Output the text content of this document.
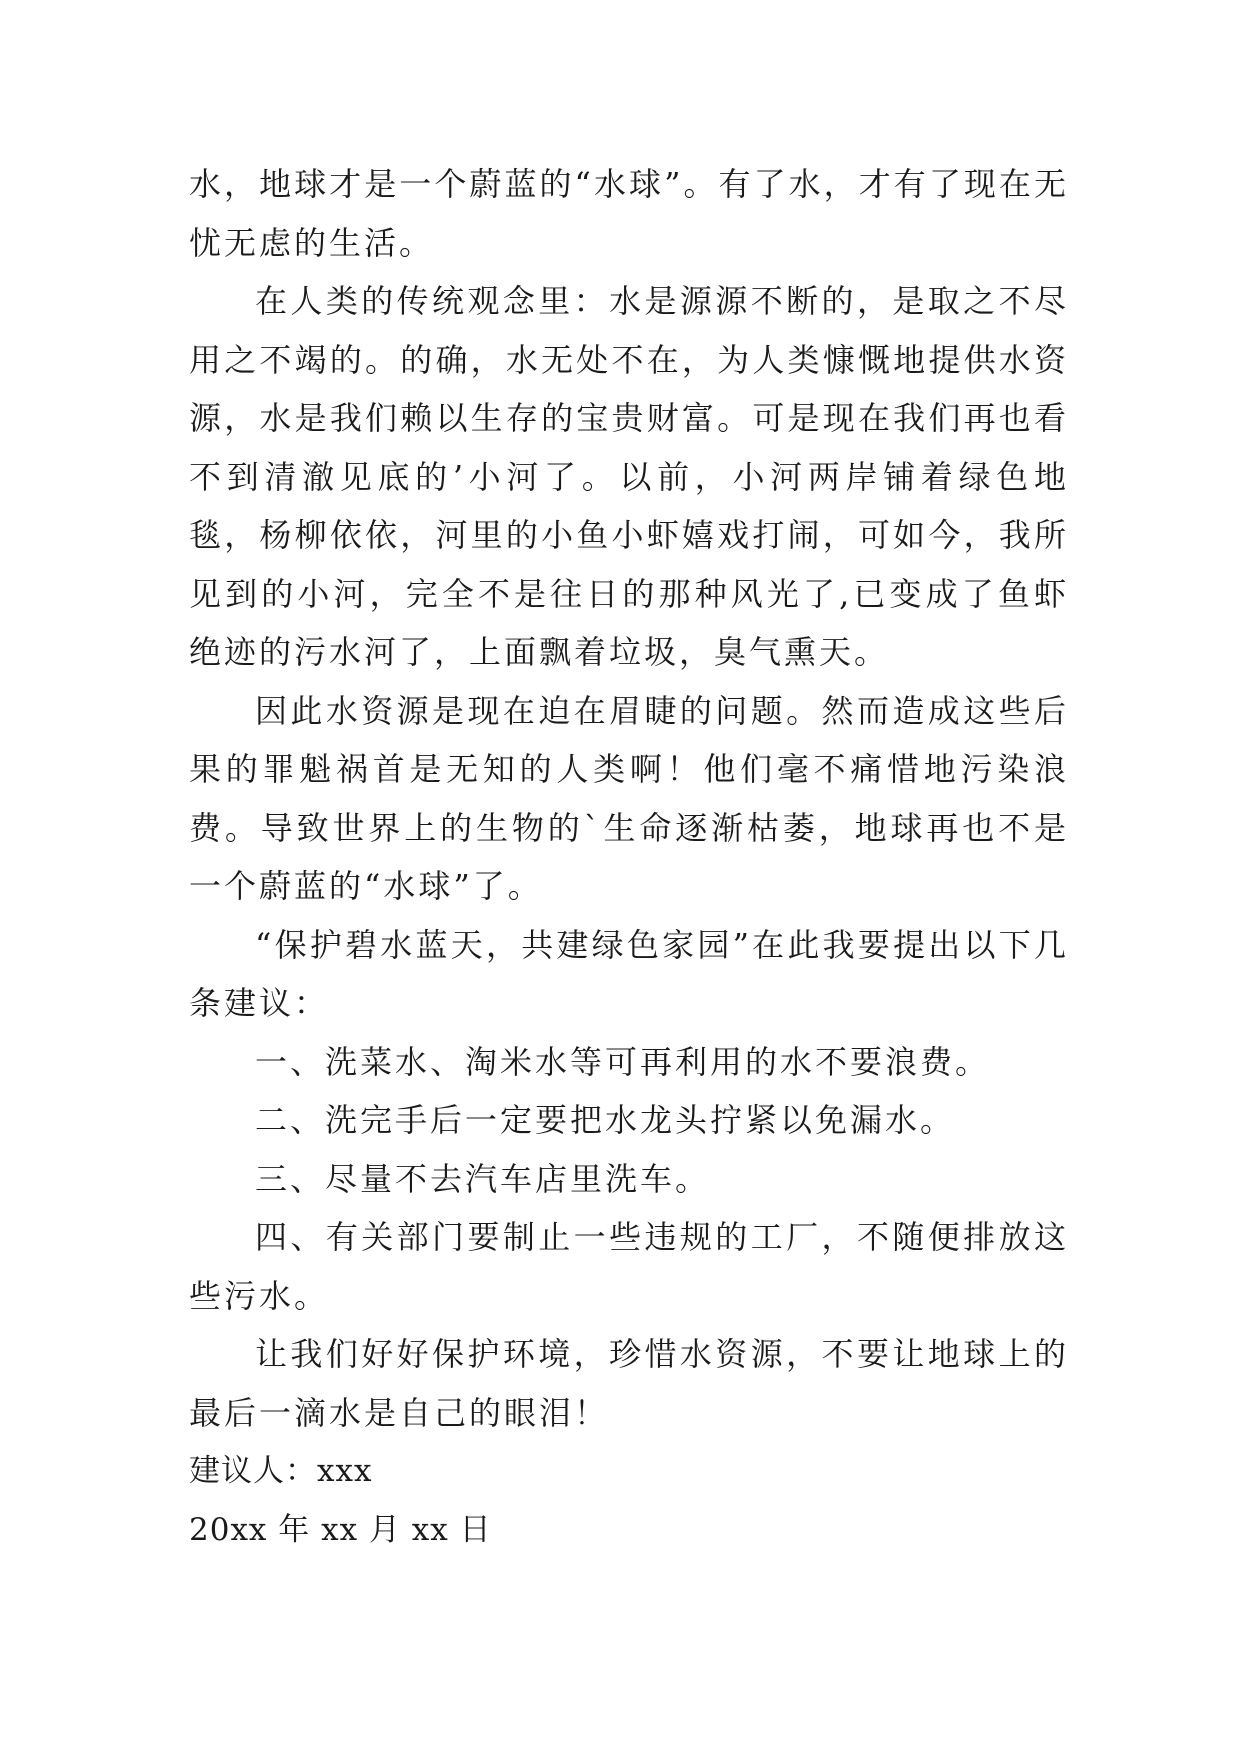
水，地球才是一个蔚蓝的“水球”。有了水，才有了现在无忧无虑的生活。

在人类的传统观念里：水是源源不断的，是取之不尽用之不竭的。的确，水无处不在，为人类慷慨地提供水资源，水是我们赖以生存的宝贵财富。可是现在我们再也看不到清澈见底的’小河了。以前，小河两岸铺着绿色地毯，杨柳依依，河里的小鱼小虾嬉戏打闹，可如今，我所见到的小河，完全不是往日的那种风光了,已变成了鱼虾绝迹的污水河了，上面飘着垃圾，臭气熏天。

因此水资源是现在迫在眉睫的问题。然而造成这些后果的罪魁祸首是无知的人类啊！他们毫不痛惜地污染浪费。导致世界上的生物的`生命逐渐枯萎，地球再也不是一个蔚蓝的“水球”了。

“保护碧水蓝天，共建绿色家园”在此我要提出以下几条建议：

一、洗菜水、淘米水等可再利用的水不要浪费。

二、洗完手后一定要把水龙头拧紧以免漏水。

三、尽量不去汽车店里洗车。

四、有关部门要制止一些违规的工厂，不随便排放这些污水。

让我们好好保护环境，珍惜水资源，不要让地球上的最后一滴水是自己的眼泪！

建议人：xxx

20xx 年 xx 月 xx 日
